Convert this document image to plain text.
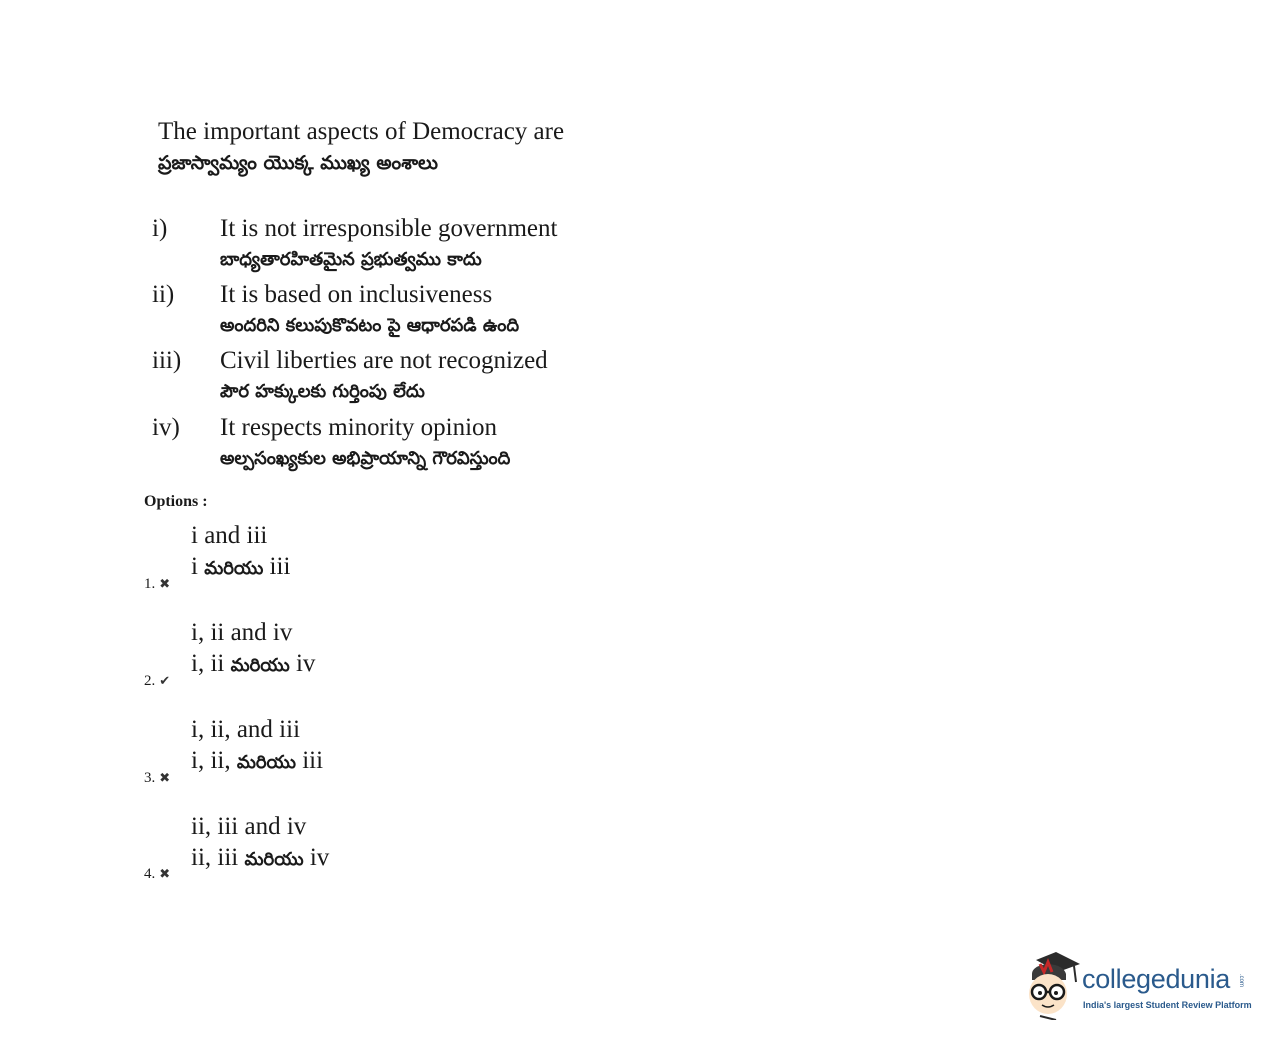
The important aspects of Democracy are
ప్రజాస్వామ్యం యొక్క ముఖ్య అంశాలు
i) It is not irresponsible government
బాధ్యతారహితమైన ప్రభుత్వము కాదు
ii) It is based on inclusiveness
అందరిని కలుపుకొవటం పై ఆధారపడి ఉంది
iii) Civil liberties are not recognized
పౌర హక్కులకు గుర్తింపు లేదు
iv) It respects minority opinion
అల్పసంఖ్యకుల అభిప్రాయాన్ని గౌరవిస్తుంది
Options :
1. ✖
i and iii
i మరియు iii
2. ✔
i, ii and iv
i, ii మరియు iv
3. ✖
i, ii, and iii
i, ii, మరియు iii
4. ✖
ii, iii and iv
ii, iii మరియు iv
collegedunia .com
India's largest Student Review Platform
